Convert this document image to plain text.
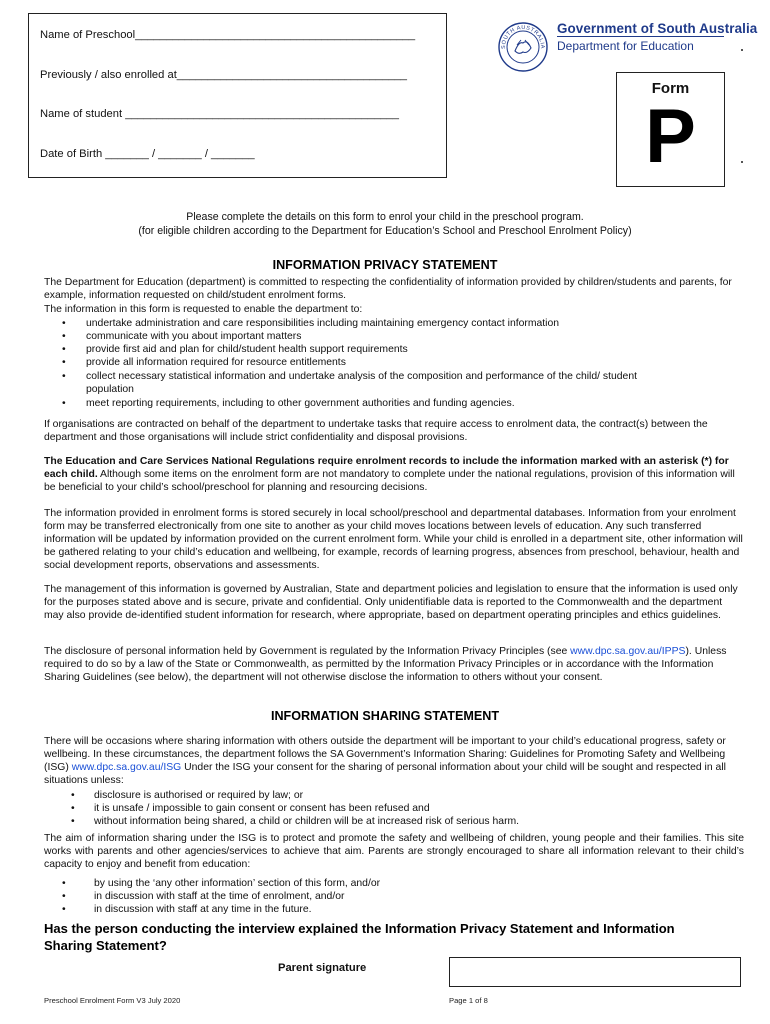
Name of Preschool_____________________________________________
Previously / also enrolled at_____________________________________
Name of student ____________________________________________
Date of Birth _______ / _______ / _______
SOUTH AUSTRALIA
Government of South Australia
Department for Education
Form
P
Please complete the details on this form to enrol your child in the preschool program.
(for eligible children according to the Department for Education’s School and Preschool Enrolment Policy)
INFORMATION PRIVACY STATEMENT
The Department for Education (department) is committed to respecting the confidentiality of information provided by children/students and parents, for example, information requested on child/student enrolment forms.
The information in this form is requested to enable the department to:
• undertake administration and care responsibilities including maintaining emergency contact information
• communicate with you about important matters
• provide first aid and plan for child/student health support requirements
• provide all information required for resource entitlements
• collect necessary statistical information and undertake analysis of the composition and performance of the child/ student population
• meet reporting requirements, including to other government authorities and funding agencies.
If organisations are contracted on behalf of the department to undertake tasks that require access to enrolment data, the contract(s) between the department and those organisations will include strict confidentiality and disposal provisions.
The Education and Care Services National Regulations require enrolment records to include the information marked with an asterisk (*) for each child. Although some items on the enrolment form are not mandatory to complete under the national regulations, provision of this information will be beneficial to your child’s school/preschool for planning and resourcing decisions.
The information provided in enrolment forms is stored securely in local school/preschool and departmental databases. Information from your enrolment form may be transferred electronically from one site to another as your child moves locations between levels of education. Any such transferred information will be updated by information provided on the current enrolment form. While your child is enrolled in a department site, other information will be gathered relating to your child’s education and wellbeing, for example, records of learning progress, absences from preschool, behaviour, health and social development reports, observations and assessments.
The management of this information is governed by Australian, State and department policies and legislation to ensure that the information is used only for the purposes stated above and is secure, private and confidential. Only unidentifiable data is reported to the Commonwealth and the department may also provide de-identified student information for research, where appropriate, based on department operating principles and ethics guidelines.
The disclosure of personal information held by Government is regulated by the Information Privacy Principles (see www.dpc.sa.gov.au/IPPS). Unless required to do so by a law of the State or Commonwealth, as permitted by the Information Privacy Principles or in accordance with the Information Sharing Guidelines (see below), the department will not otherwise disclose the information to others without your consent.
INFORMATION SHARING STATEMENT
There will be occasions where sharing information with others outside the department will be important to your child’s educational progress, safety or wellbeing. In these circumstances, the department follows the SA Government’s Information Sharing: Guidelines for Promoting Safety and Wellbeing (ISG) www.dpc.sa.gov.au/ISG Under the ISG your consent for the sharing of personal information about your child will be sought and respected in all situations unless:
• disclosure is authorised or required by law; or
• it is unsafe / impossible to gain consent or consent has been refused and
• without information being shared, a child or children will be at increased risk of serious harm.
The aim of information sharing under the ISG is to protect and promote the safety and wellbeing of children, young people and their families. This site works with parents and other agencies/services to achieve that aim. Parents are strongly encouraged to share all information relevant to their child’s capacity to enjoy and benefit from education:
•	by using the ‘any other information’ section of this form, and/or
•	in discussion with staff at the time of enrolment, and/or
•	in discussion with staff at any time in the future.
Has the person conducting the interview explained the Information Privacy Statement and Information Sharing Statement?
Parent signature
Preschool Enrolment Form V3 July 2020	Page 1 of 8
